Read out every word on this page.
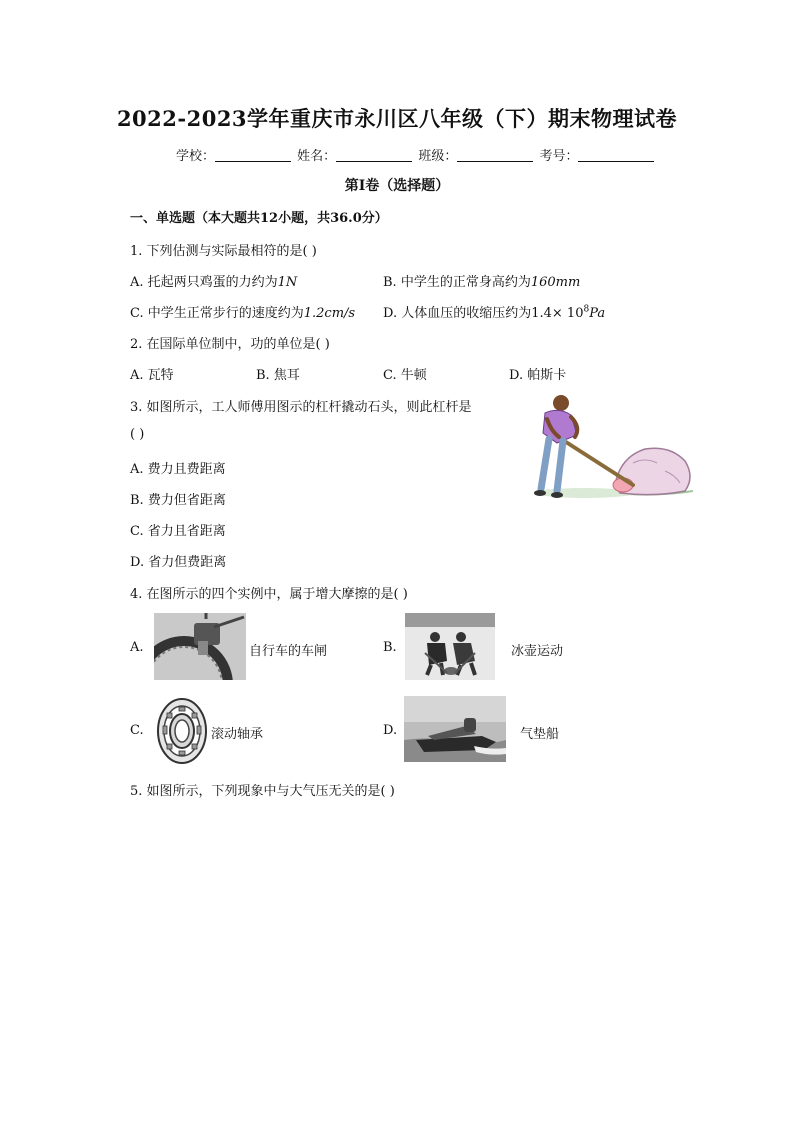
2022-2023学年重庆市永川区八年级（下）期末物理试卷
学校：	姓名：	班级：	考号：
第I卷（选择题）
一、单选题（本大题共12小题，共36.0分）
1. 下列估测与实际最相符的是( )
A. 托起两只鸡蛋的力约为1N	B. 中学生的正常身高约为160mm
C. 中学生正常步行的速度约为1.2cm/s D. 人体血压的收缩压约为$1.4\times 10^8Pa$
2. 在国际单位制中，功的单位是( )
A. 瓦特	B. 焦耳	C. 牛顿	D. 帕斯卡
3. 如图所示，工人师傅用图示的杠杆撬动石头，则此杠杆是
( )
A. 费力且费距离
B. 费力但省距离
C. 省力且省距离
D. 省力但费距离
4. 在图所示的四个实例中，属于增大摩擦的是( )
A.	自行车的车闸	B.	冰壶运动
C.	滚动轴承	D.	气垫船
5. 如图所示，下列现象中与大气压无关的是( )
